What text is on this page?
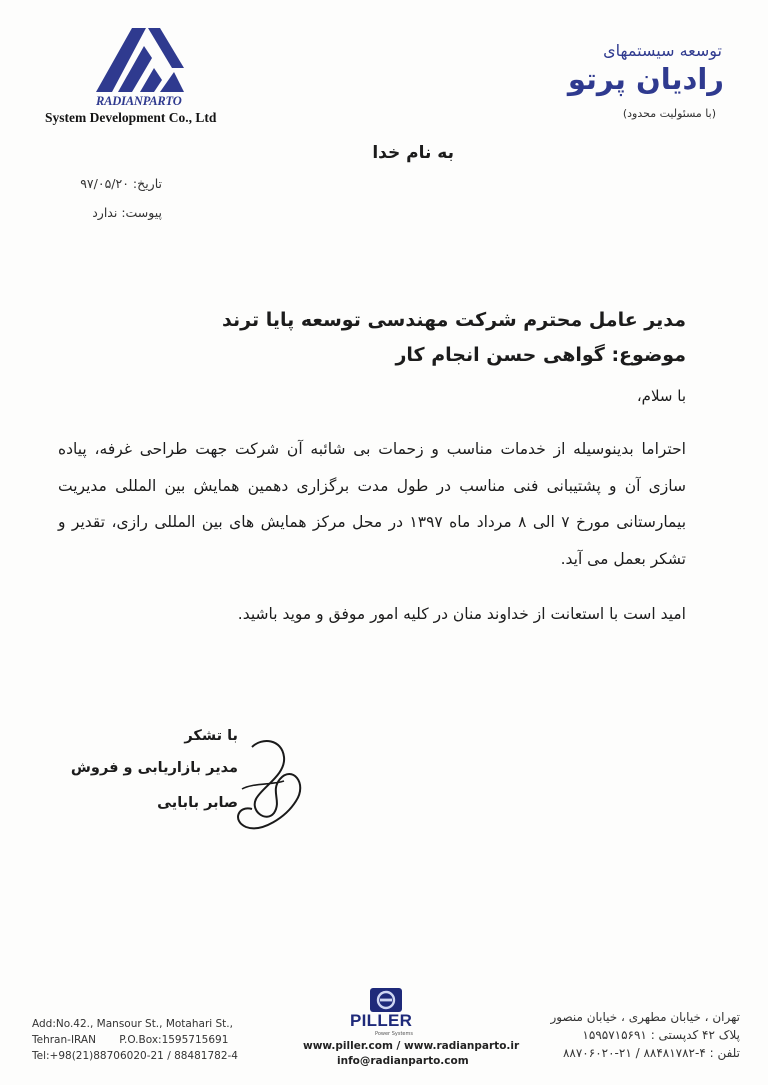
RADIANPARTO
System Development Co., Ltd
توسعه سیستمهای
رادیان پرتو
(با مسئولیت محدود)
به نام خدا
تاریخ: ۹۷/۰۵/۲۰
پیوست: ندارد
مدیر عامل محترم شرکت مهندسی توسعه پایا ترند
موضوع: گواهی حسن انجام کار
با سلام،
احتراما بدینوسیله از خدمات مناسب و زحمات بی شائبه آن شرکت جهت طراحی غرفه، پیاده سازی آن و پشتیبانی فنی مناسب در طول مدت برگزاری دهمین همایش بین المللی مدیریت بیمارستانی مورخ ۷ الی ۸ مرداد ماه ۱۳۹۷ در محل مرکز همایش های بین المللی رازی، تقدیر و تشکر بعمل می آید.
امید است با استعانت از خداوند منان در کلیه امور موفق و موید باشید.
با تشکر
مدیر بازاریابی و فروش
صابر بابایی
Add:No.42., Mansour St., Motahari St.,
Tehran-IRAN       P.O.Box:1595715691
Tel:+98(21)88706020-21 / 88481782-4
PILLER
Power Systems
www.piller.com / www.radianparto.ir
info@radianparto.com
تهران ، خیابان مطهری ، خیابان منصور
پلاک ۴۲ کدپستی : ۱۵۹۵۷۱۵۶۹۱
تلفن : ۴-۸۸۴۸۱۷۸۲ / ۲۱-۸۸۷۰۶۰۲۰
